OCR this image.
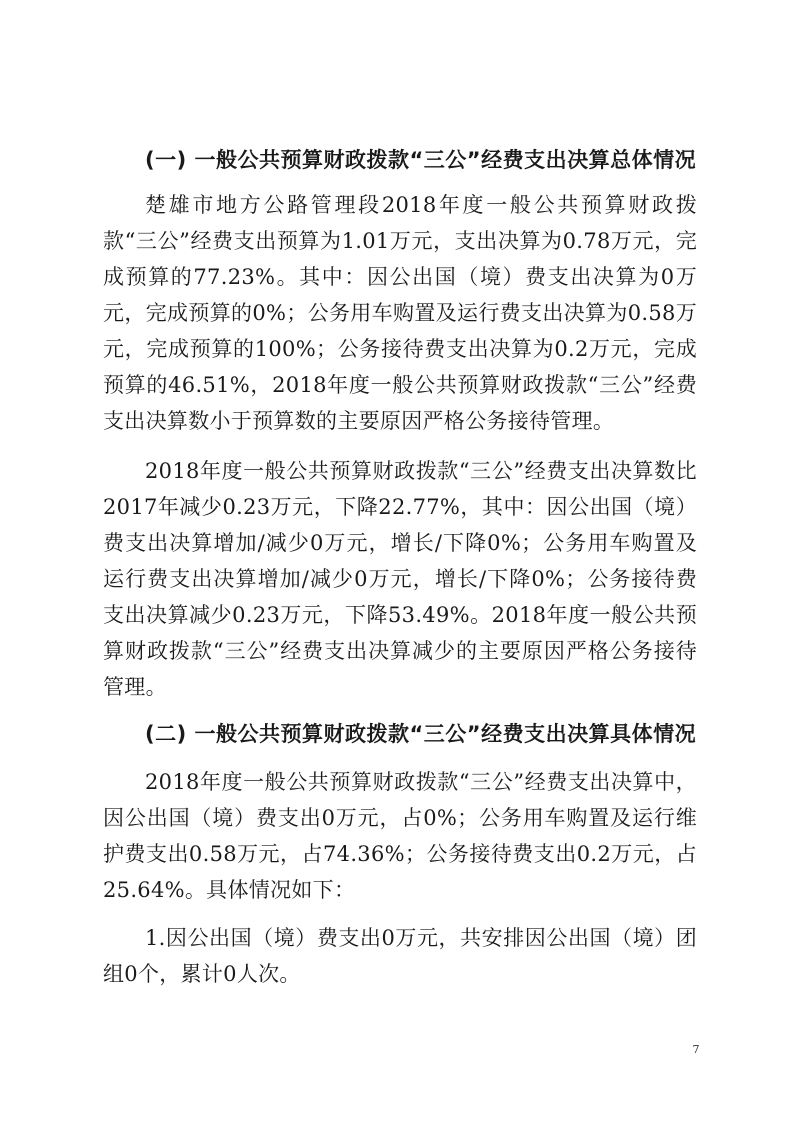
(一) 一般公共预算财政拨款“三公”经费支出决算总体情况

楚雄市地方公路管理段2018年度一般公共预算财政拨款“三公”经费支出预算为1.01万元，支出决算为0.78万元，完成预算的77.23%。其中：因公出国（境）费支出决算为0万元，完成预算的0%；公务用车购置及运行费支出决算为0.58万元，完成预算的100%；公务接待费支出决算为0.2万元，完成预算的46.51%，2018年度一般公共预算财政拨款“三公”经费支出决算数小于预算数的主要原因严格公务接待管理。

2018年度一般公共预算财政拨款“三公”经费支出决算数比2017年减少0.23万元，下降22.77%，其中：因公出国（境）费支出决算增加/减少0万元，增长/下降0%；公务用车购置及运行费支出决算增加/减少0万元，增长/下降0%；公务接待费支出决算减少0.23万元，下降53.49%。2018年度一般公共预算财政拨款“三公”经费支出决算减少的主要原因严格公务接待管理。

(二) 一般公共预算财政拨款“三公”经费支出决算具体情况

2018年度一般公共预算财政拨款“三公”经费支出决算中，因公出国（境）费支出0万元，占0%；公务用车购置及运行维护费支出0.58万元，占74.36%；公务接待费支出0.2万元，占25.64%。具体情况如下：

1.因公出国（境）费支出0万元，共安排因公出国（境）团组0个，累计0人次。

7
